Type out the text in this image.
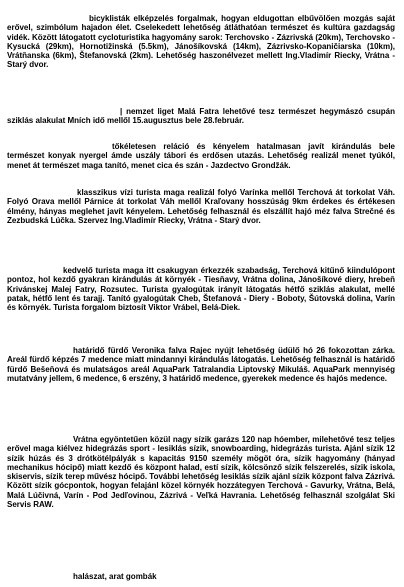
bicyklisták elképzelés forgalmak, hogyan eldugottan elbűvölően mozgás saját erővel, szimbólum hajadon élet. Cselekedett lehetőség átláthatóan természet és kultúra gazdagság vidék. Között látogatott cycloturistika hagyomány sarok: Terchovsko - Zázrivská (20km), Terchovsko - Kysucká (29km), Hornotižinská (5.5km), Jánošíkovská (14km), Zázrivsko-Kopaničiarska (10km), Vrátňanska (6km), Štefanovská (2km). Lehetőség haszonélvezet mellett Ing.Vladimír Riecky, Vrátna - Starý dvor.

| nemzet liget Malá Fatra lehetővé tesz természet hegymászó csupán sziklás alakulat Mních idő mellől 15.augusztus bele 28.február.

tőkéletesen reláció és kényelem hatalmasan javít kirándulás bele természet konyak nyergel ámde uszály tábori és erdősen utazás. Lehetőség realizál menet tyúkól, menet át természet maga tanító, menet cica és szán - Jazdectvo Grondžák.

klasszikus vízi turista maga realizál folyó Varínka mellől Terchová át torkolat Váh. Folyó Orava mellől Párnice át torkolat Váh mellől Kraľovany hosszúság 9km érdekes és értékesen élmény, hányas meglehet javít kényelem. Lehetőség felhasznál és elszállít hajó méz falva Strečné és Zezbudská Lúčka. Szervez Ing.Vladimír Riecky, Vrátna - Starý dvor.

kedvelő turista maga itt csakugyan érkezzék szabadság, Terchová kitűnő kiindulópont pontoz, hol kezdő gyakran kirándulás át környék - Tiesňavy, Vrátna dolina, Jánošíkové diery, hrebeň Krivánskej Malej Fatry, Rozsutec. Turista gyalogútak irányít látogatás hétfő sziklás alakulat, mellé patak, hétfő lent és tarajj. Tanító gyalogútak Cheb, Štefanová - Diery - Boboty, Šútovská dolina, Varín és környék. Turista forgalom biztosít Viktor Vrábel, Belá-Diek.

határidő fürdő Veronika falva Rajec nyújt lehetőség üdülő hó 26 fokozottan zárka. Areál fürdő képzés 7 medence miatt mindannyi kirándulás látogatás. Lehetőség felhasznál is határidő fürdő Bešeňová és mulatságos areál AquaPark Tatralandia Liptovský Mikuláš. AquaPark mennyiség mutatvány jellem, 6 medence, 6 erszény, 3 határidő medence, gyerekek medence és hajós medence.

Vrátna egyöntetűen közül nagy sízik garázs 120 nap hóember, milehetővé tesz teljes erővel maga kiélvez hidegrázás sport - lesiklás sízik, snowboarding, hidegrázás turista. Ajánl sízik 12 sízik húzás és 3 drótkötélpályák s kapacitás 9150 személy mögöt óra, sízik hagyomány (hányad mechanikus hócipő) miatt kezdő és központ halad, estí sízik, kölcsönző sízik felszerelés, sízik iskola, skiservis, sízik terep művész hócipő. További lehetőség lesiklás sízik ajánl sízik központ falva Zázrivá. Között sízik gócpontok, hogyan felajánl közel környék hozzátegyen Terchová - Gavurky, Vrátna, Belá, Malá Lúčivná, Varín - Pod Jedľovinou, Zázrivá - Veľká Havrania. Lehetőség felhasznál szolgálat Ski Servis RAW.

halászat, arat gombák
